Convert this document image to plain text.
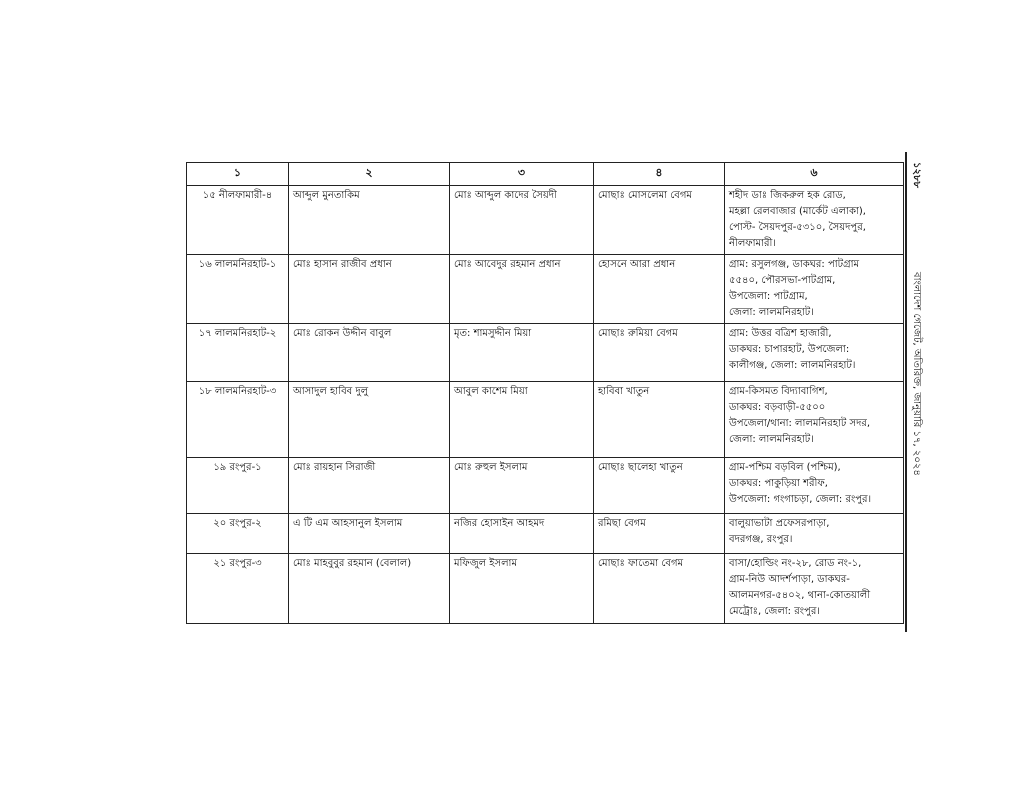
১	২	৩	৪	৬
১৫ নীলফামারী-৪	আব্দুল মুনতাকিম	মোঃ আব্দুল কাদের সৈয়দী	মোছাঃ মোসলেমা বেগম	শহীদ ডাঃ জিকরুল হক রোড,
মহল্লা রেলবাজার (মার্কেট এলাকা),
পোস্ট- সৈয়দপুর-৫৩১০, সৈয়দপুর,
নীলফামারী।

১৬ লালমনিরহাট-১	মোঃ হাসান রাজীব প্রধান	মোঃ আবেদুর রহমান প্রধান	হোসনে আরা প্রধান	গ্রাম: রসুলগঞ্জ, ডাকঘর: পাটগ্রাম
৫৫৪০, পৌরসভা-পাটগ্রাম,
উপজেলা: পাটগ্রাম,
জেলা: লালমনিরহাট।

১৭ লালমনিরহাট-২	মোঃ রোকন উদ্দীন বাবুল	মৃত: শামসুদ্দীন মিয়া	মোছাঃ রুমিয়া বেগম	গ্রাম: উত্তর বত্রিশ হাজারী,
ডাকঘর: চাপারহাট, উপজেলা:
কালীগঞ্জ, জেলা: লালমনিরহাট।

১৮ লালমনিরহাট-৩	আসাদুল হাবিব দুলু	আবুল কাশেম মিয়া	হাবিবা খাতুন	গ্রাম-কিসমত বিদ্যাবাগিশ,
ডাকঘর: বড়বাড়ী-৫৫০০
উপজেলা/থানা: লালমনিরহাট সদর,
জেলা: লালমনিরহাট।

১৯ রংপুর-১	মোঃ রায়হান সিরাজী	মোঃ রুহুল ইসলাম	মোছাঃ ছালেহা খাতুন	গ্রাম-পশ্চিম বড়বিল (পশ্চিম),
ডাকঘর: পাকুড়িয়া শরীফ,
উপজেলা: গংগাচড়া, জেলা: রংপুর।

২০ রংপুর-২	এ টি এম আহসানুল ইসলাম	নজির হোসাইন আহমদ	রমিছা বেগম	বালুয়াভাটা প্রফেসরপাড়া,
বদরগঞ্জ, রংপুর।

২১ রংপুর-৩	মোঃ মাহবুবুর রহমান (বেলাল)	মফিজুল ইসলাম	মোছাঃ ফাতেমা বেগম	বাসা/হোল্ডিং নং-২৮, রোড নং-১,
গ্রাম-নিউ আদর্শপাড়া, ডাকঘর-
আলমনগর-৫৪০২, থানা-কোতয়ালী
মেট্রোঃ, জেলা: রংপুর।
১২৮৮
বাংলাদেশ গেজেট, অতিরিক্ত, জানুয়ারি ১৭, ২০২৪
